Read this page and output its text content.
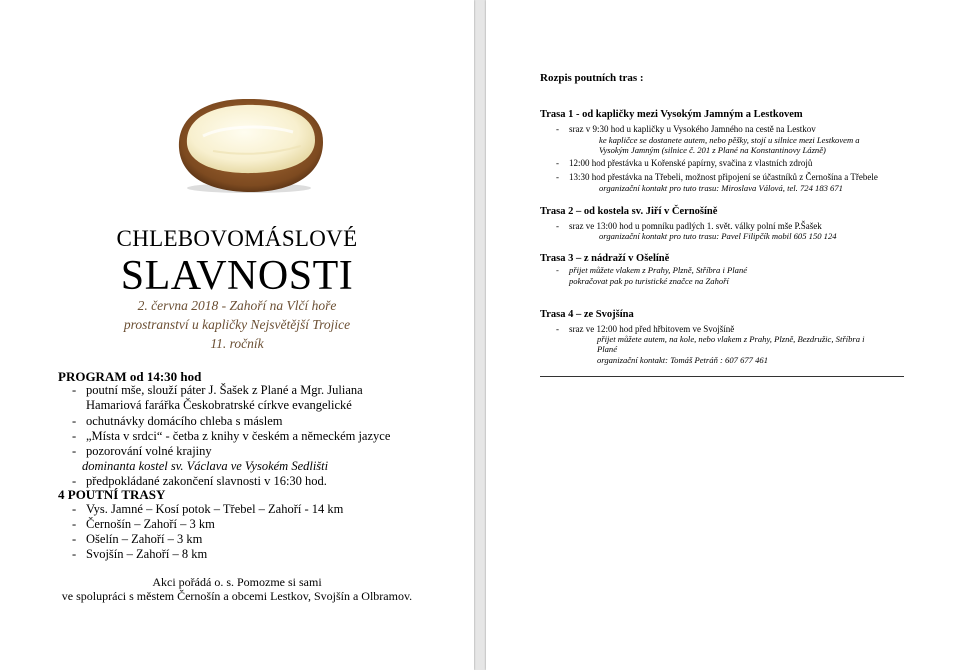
CHLEBOVOMÁSLOVÉ
SLAVNOSTI
2. června 2018 - Zahoří na Vlčí hoře
prostranství u kapličky Nejsvětější Trojice
11. ročník
PROGRAM od 14:30 hod
- poutní mše, slouží páter J. Šašek z Plané a Mgr. Juliana
Hamariová farářka Českobratrské církve evangelické
- ochutnávky domácího chleba s máslem
- „Místa v srdci“ - četba z knihy v českém a německém jazyce
- pozorování volné krajiny
dominanta kostel sv. Václava ve Vysokém Sedlišti
- předpokládané zakončení slavnosti v 16:30 hod.
4 POUTNÍ TRASY
- Vys. Jamné – Kosí potok – Třebel – Zahoří - 14 km
- Černošín – Zahoří – 3 km
- Ošelín – Zahoří – 3 km
- Svojšín – Zahoří – 8 km
Akci pořádá o. s. Pomozme si sami
ve spolupráci s městem Černošín a obcemi Lestkov, Svojšín a Olbramov.
Rozpis poutních tras :
Trasa 1 - od kapličky mezi Vysokým Jamným a Lestkovem
- sraz v 9:30 hod u kapličky u Vysokého Jamného na cestě na Lestkov
ke kapličce se dostanete autem, nebo pěšky, stojí u silnice mezi Lestkovem a
Vysokým Jamným (silnice č. 201 z Plané na Konstantinovy Lázně)
- 12:00 hod přestávka u Kořenské papírny, svačina z vlastních zdrojů
- 13:30 hod přestávka na Třebeli, možnost připojení se účastníků z Černošína a Třebele
organizační kontakt pro tuto trasu: Miroslava Válová, tel. 724 183 671
Trasa 2 – od kostela sv. Jiří v Černošíně
- sraz ve 13:00 hod u pomníku padlých 1. svět. války polní mše P.Šašek
organizační kontakt pro tuto trasu: Pavel Filipčík mobil 605 150 124
Trasa 3 – z nádraží v Ošelíně
- přijet můžete vlakem z Prahy, Plzně, Stříbra i Plané
pokračovat pak po turistické značce na Zahoří
Trasa 4 – ze Svojšína
- sraz ve 12:00 hod před hřbitovem ve Svojšíně
přijet můžete autem, na kole, nebo vlakem z Prahy, Plzně, Bezdružic, Stříbra i
Plané
organizační kontakt: Tomáš Petráň : 607 677 461
